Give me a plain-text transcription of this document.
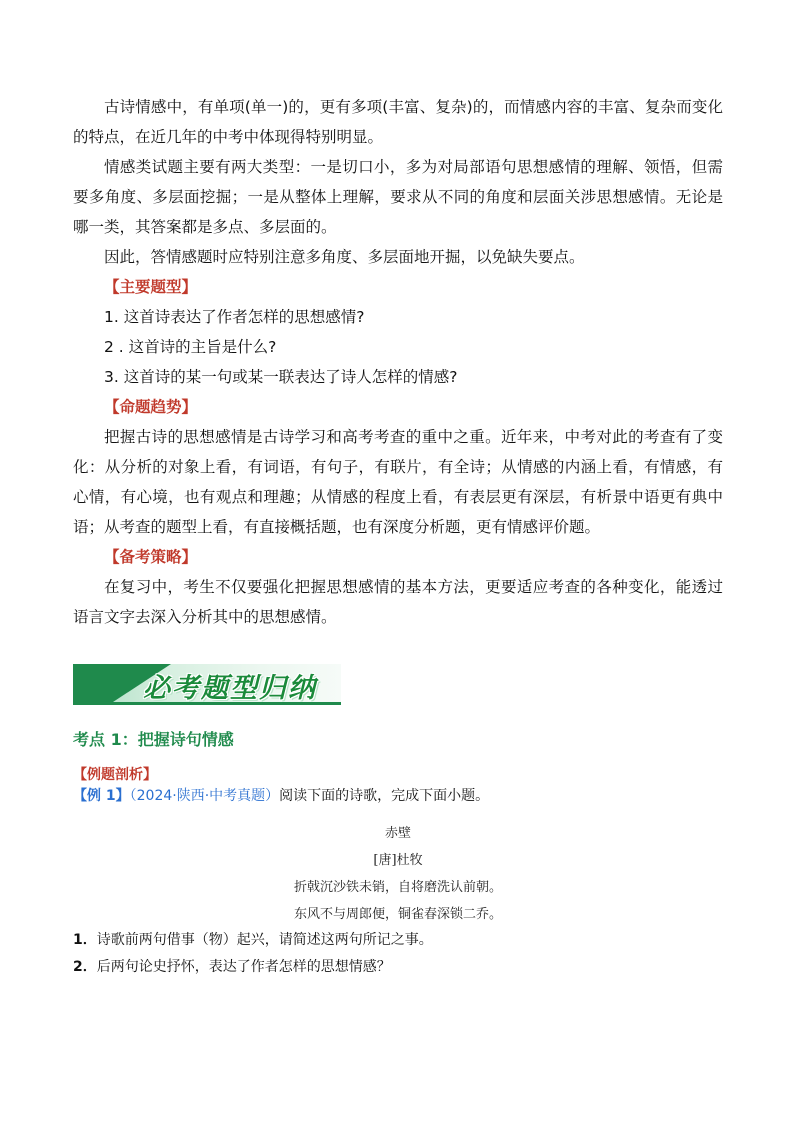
古诗情感中，有单项(单一)的，更有多项(丰富、复杂)的，而情感内容的丰富、复杂而变化的特点，在近几年的中考中体现得特别明显。

情感类试题主要有两大类型：一是切口小，多为对局部语句思想感情的理解、领悟，但需要多角度、多层面挖掘；一是从整体上理解，要求从不同的角度和层面关涉思想感情。无论是哪一类，其答案都是多点、多层面的。

因此，答情感题时应特别注意多角度、多层面地开掘，以免缺失要点。

【主要题型】

1. 这首诗表达了作者怎样的思想感情?

2 . 这首诗的主旨是什么?

3. 这首诗的某一句或某一联表达了诗人怎样的情感?

【命题趋势】

把握古诗的思想感情是古诗学习和高考考查的重中之重。近年来，中考对此的考查有了变化：从分析的对象上看，有词语，有句子，有联片，有全诗；从情感的内涵上看，有情感，有心情，有心境，也有观点和理趣；从情感的程度上看，有表层更有深层，有析景中语更有典中语；从考查的题型上看，有直接概括题，也有深度分析题，更有情感评价题。

【备考策略】

在复习中，考生不仅要强化把握思想感情的基本方法，更要适应考查的各种变化，能透过语言文字去深入分析其中的思想感情。

必考题型归纳

考点 1：把握诗句情感

【例题剖析】

【例 1】（2024·陕西·中考真题）阅读下面的诗歌，完成下面小题。

赤壁

[唐]杜牧

折戟沉沙铁未销，自将磨洗认前朝。

东风不与周郎便，铜雀春深锁二乔。

1．诗歌前两句借事（物）起兴，请简述这两句所记之事。

2．后两句论史抒怀，表达了作者怎样的思想情感？
